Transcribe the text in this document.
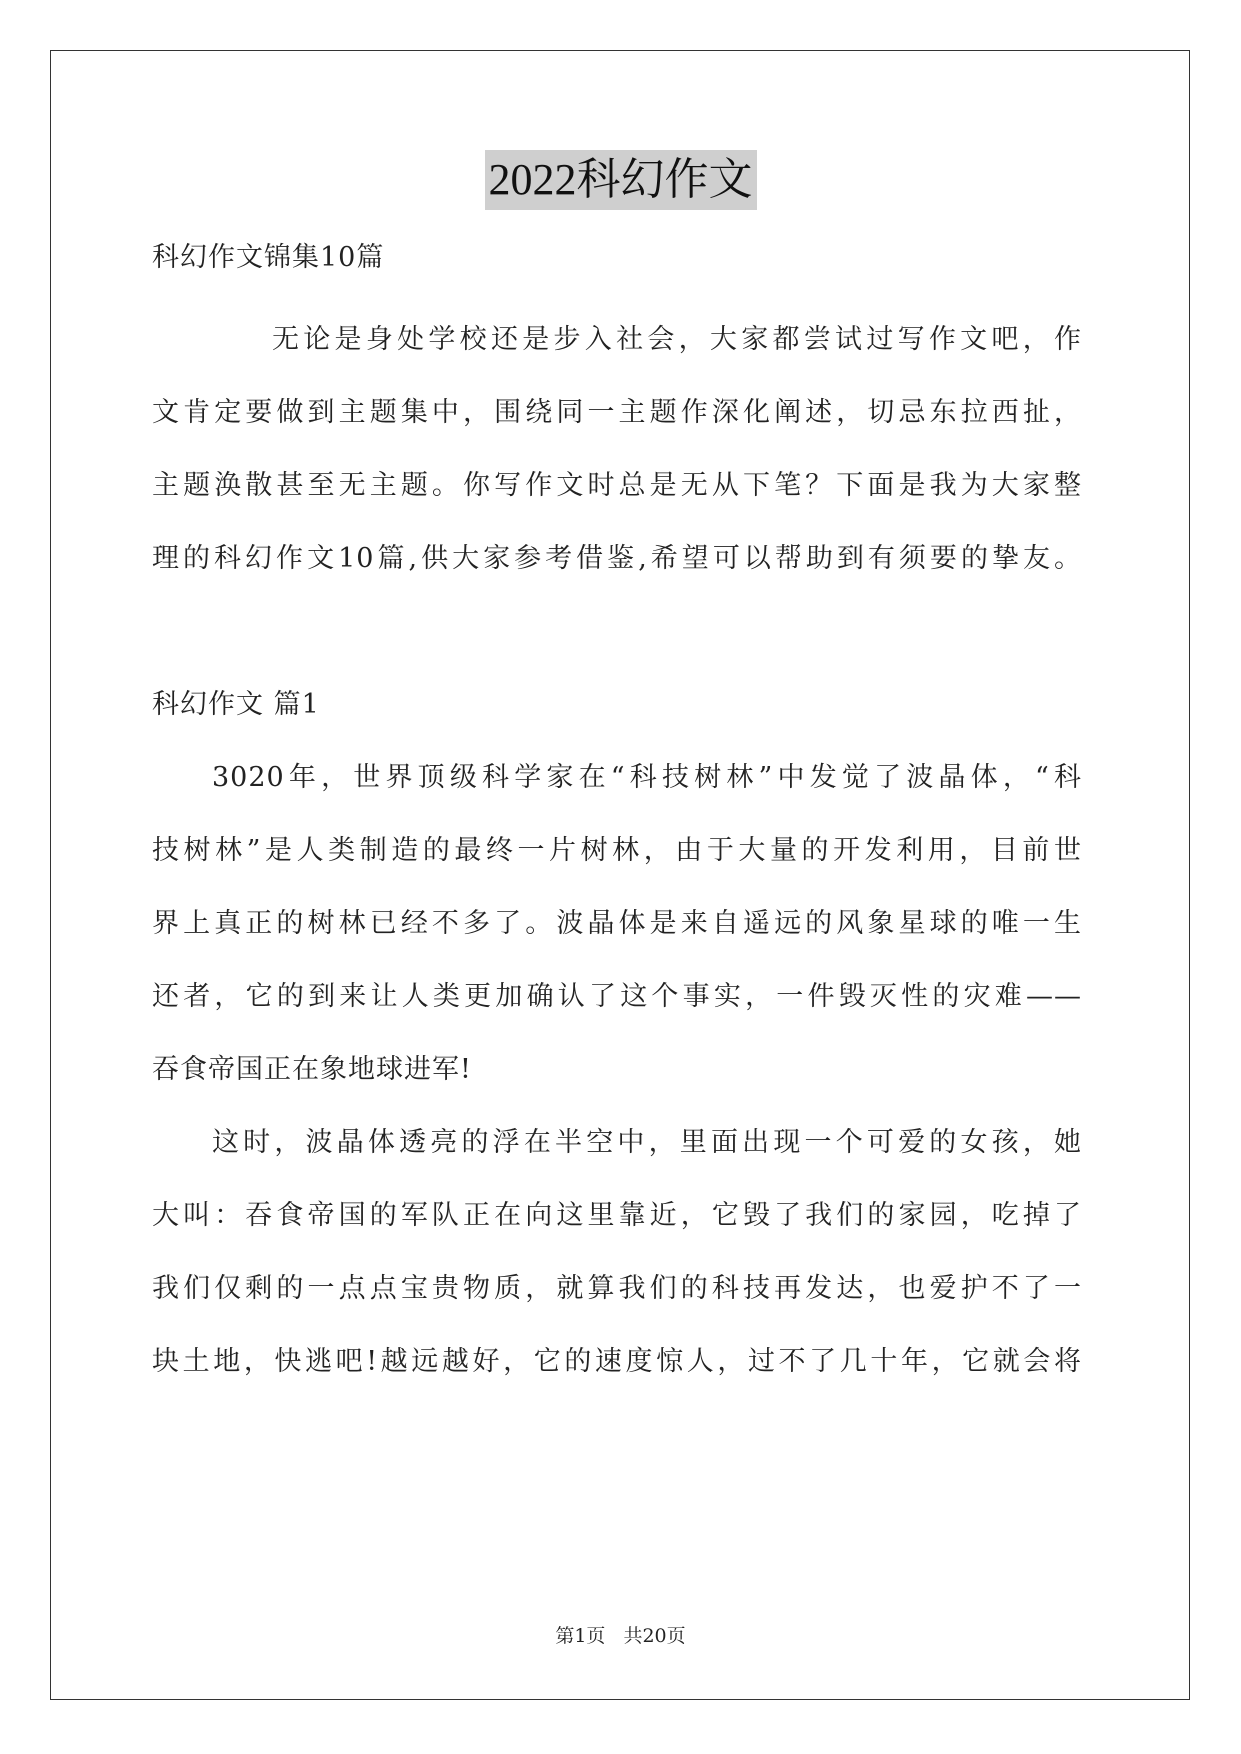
2022科幻作文
科幻作文锦集10篇
无论是身处学校还是步入社会，大家都尝试过写作文吧，作
文肯定要做到主题集中，围绕同一主题作深化阐述，切忌东拉西扯，
主题涣散甚至无主题。你写作文时总是无从下笔？下面是我为大家整
理的科幻作文10篇,供大家参考借鉴,希望可以帮助到有须要的挚友。
科幻作文 篇1
3020年，世界顶级科学家在“科技树林”中发觉了波晶体，“科
技树林”是人类制造的最终一片树林，由于大量的开发利用，目前世
界上真正的树林已经不多了。波晶体是来自遥远的风象星球的唯一生
还者，它的到来让人类更加确认了这个事实，一件毁灭性的灾难——
吞食帝国正在象地球进军!
这时，波晶体透亮的浮在半空中，里面出现一个可爱的女孩，她
大叫：吞食帝国的军队正在向这里靠近，它毁了我们的家园，吃掉了
我们仅剩的一点点宝贵物质，就算我们的科技再发达，也爱护不了一
块土地，快逃吧!越远越好，它的速度惊人，过不了几十年，它就会将
第1页 共20页
